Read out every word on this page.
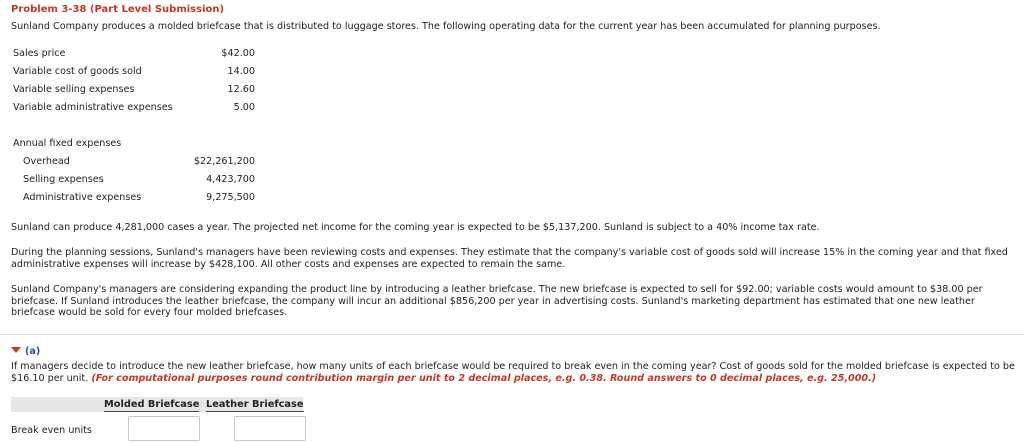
Problem 3-38 (Part Level Submission)
Sunland Company produces a molded briefcase that is distributed to luggage stores. The following operating data for the current year has been accumulated for planning purposes.
Sales price	$42.00
Variable cost of goods sold	14.00
Variable selling expenses	12.60
Variable administrative expenses	5.00
Annual fixed expenses
Overhead	$22,261,200
Selling expenses	4,423,700
Administrative expenses	9,275,500
Sunland can produce 4,281,000 cases a year. The projected net income for the coming year is expected to be $5,137,200. Sunland is subject to a 40% income tax rate.
During the planning sessions, Sunland's managers have been reviewing costs and expenses. They estimate that the company's variable cost of goods sold will increase 15% in the coming year and that fixed administrative expenses will increase by $428,100. All other costs and expenses are expected to remain the same.
Sunland Company's managers are considering expanding the product line by introducing a leather briefcase. The new briefcase is expected to sell for $92.00; variable costs would amount to $38.00 per briefcase. If Sunland introduces the leather briefcase, the company will incur an additional $856,200 per year in advertising costs. Sunland's marketing department has estimated that one new leather briefcase would be sold for every four molded briefcases.
(a)
If managers decide to introduce the new leather briefcase, how many units of each briefcase would be required to break even in the coming year? Cost of goods sold for the molded briefcase is expected to be $16.10 per unit. (For computational purposes round contribution margin per unit to 2 decimal places, e.g. 0.38. Round answers to 0 decimal places, e.g. 25,000.)
Molded Briefcase Leather Briefcase
Break even units
